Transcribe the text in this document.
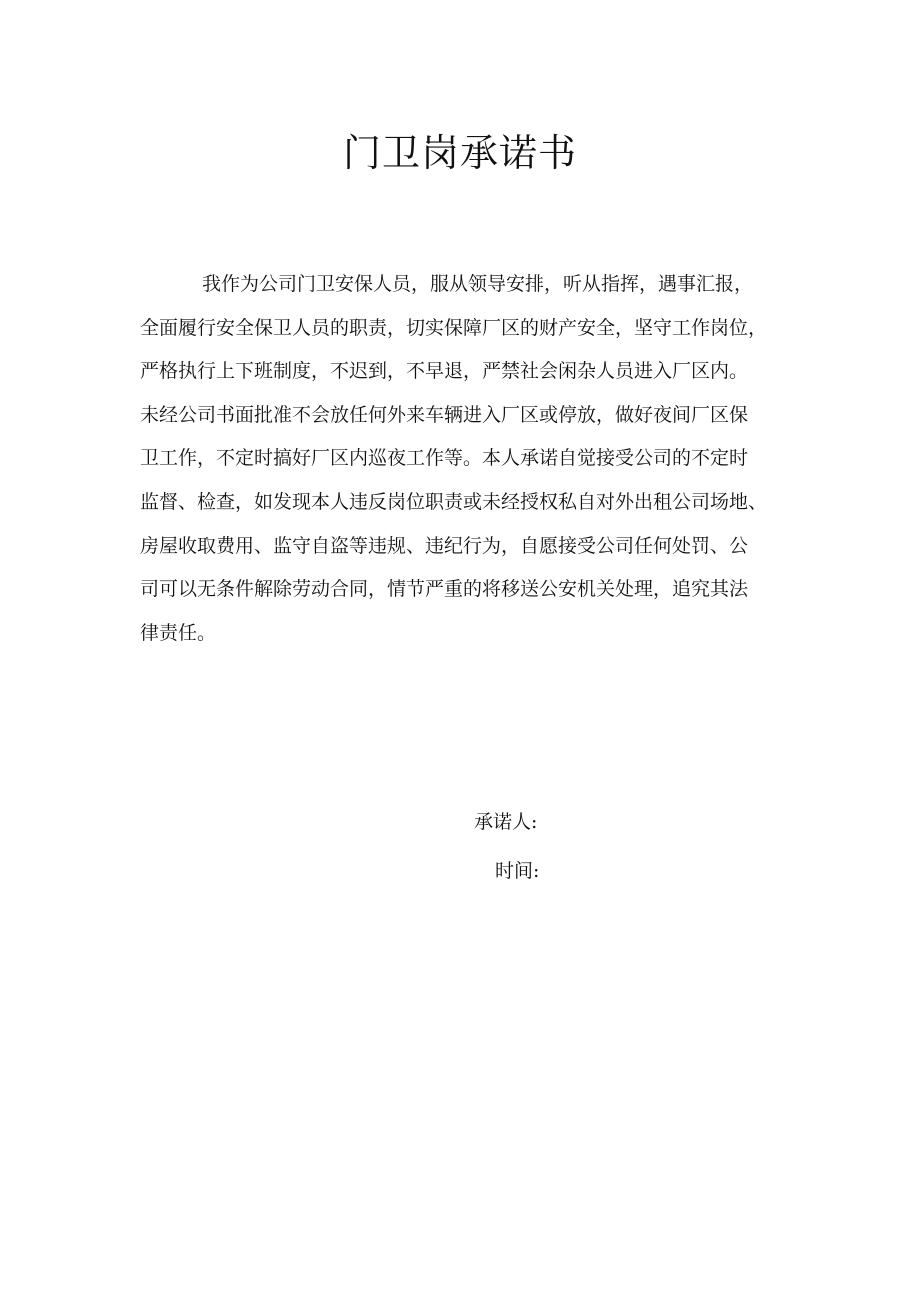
门卫岗承诺书
我作为公司门卫安保人员，服从领导安排，听从指挥，遇事汇报，
全面履行安全保卫人员的职责，切实保障厂区的财产安全，坚守工作岗位，
严格执行上下班制度，不迟到，不早退，严禁社会闲杂人员进入厂区内。
未经公司书面批准不会放任何外来车辆进入厂区或停放，做好夜间厂区保
卫工作，不定时搞好厂区内巡夜工作等。本人承诺自觉接受公司的不定时
监督、检查，如发现本人违反岗位职责或未经授权私自对外出租公司场地、
房屋收取费用、监守自盗等违规、违纪行为，自愿接受公司任何处罚、公
司可以无条件解除劳动合同，情节严重的将移送公安机关处理，追究其法
律责任。
承诺人:
时间:
